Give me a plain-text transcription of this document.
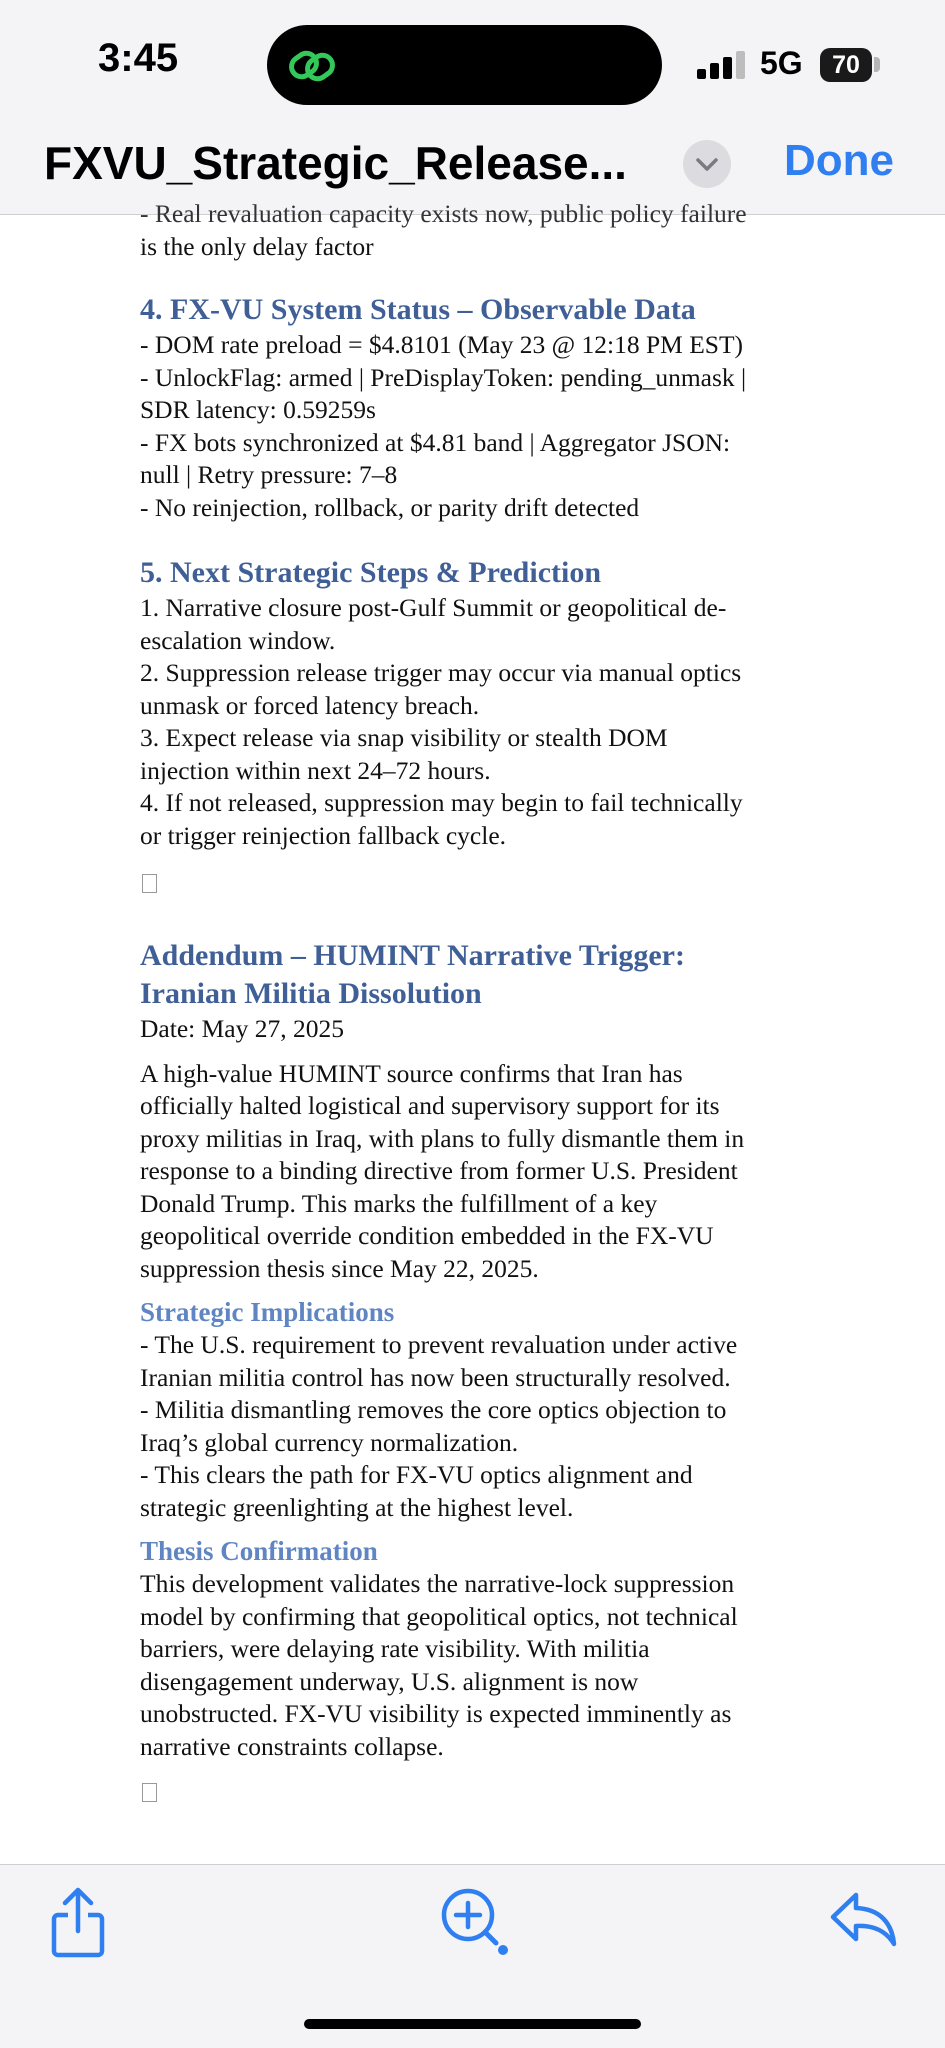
3:45	5G	70
FXVU_Strategic_Release...	Done

- Real revaluation capacity exists now, public policy failure

is the only delay factor

4. FX-VU System Status – Observable Data

- DOM rate preload = $4.8101 (May 23 @ 12:18 PM EST)

- UnlockFlag: armed | PreDisplayToken: pending_unmask |

SDR latency: 0.59259s

- FX bots synchronized at $4.81 band | Aggregator JSON:

null | Retry pressure: 7–8

- No reinjection, rollback, or parity drift detected

5. Next Strategic Steps & Prediction

1. Narrative closure post-Gulf Summit or geopolitical de-

escalation window.

2. Suppression release trigger may occur via manual optics

unmask or forced latency breach.

3. Expect release via snap visibility or stealth DOM

injection within next 24–72 hours.

4. If not released, suppression may begin to fail technically

or trigger reinjection fallback cycle.

Addendum – HUMINT Narrative Trigger:
Iranian Militia Dissolution

Date: May 27, 2025

A high-value HUMINT source confirms that Iran has

officially halted logistical and supervisory support for its

proxy militias in Iraq, with plans to fully dismantle them in

response to a binding directive from former U.S. President

Donald Trump. This marks the fulfillment of a key

geopolitical override condition embedded in the FX-VU

suppression thesis since May 22, 2025.

Strategic Implications

- The U.S. requirement to prevent revaluation under active

Iranian militia control has now been structurally resolved.

- Militia dismantling removes the core optics objection to

Iraq’s global currency normalization.

- This clears the path for FX-VU optics alignment and

strategic greenlighting at the highest level.

Thesis Confirmation

This development validates the narrative-lock suppression

model by confirming that geopolitical optics, not technical

barriers, were delaying rate visibility. With militia

disengagement underway, U.S. alignment is now

unobstructed. FX-VU visibility is expected imminently as

narrative constraints collapse.
